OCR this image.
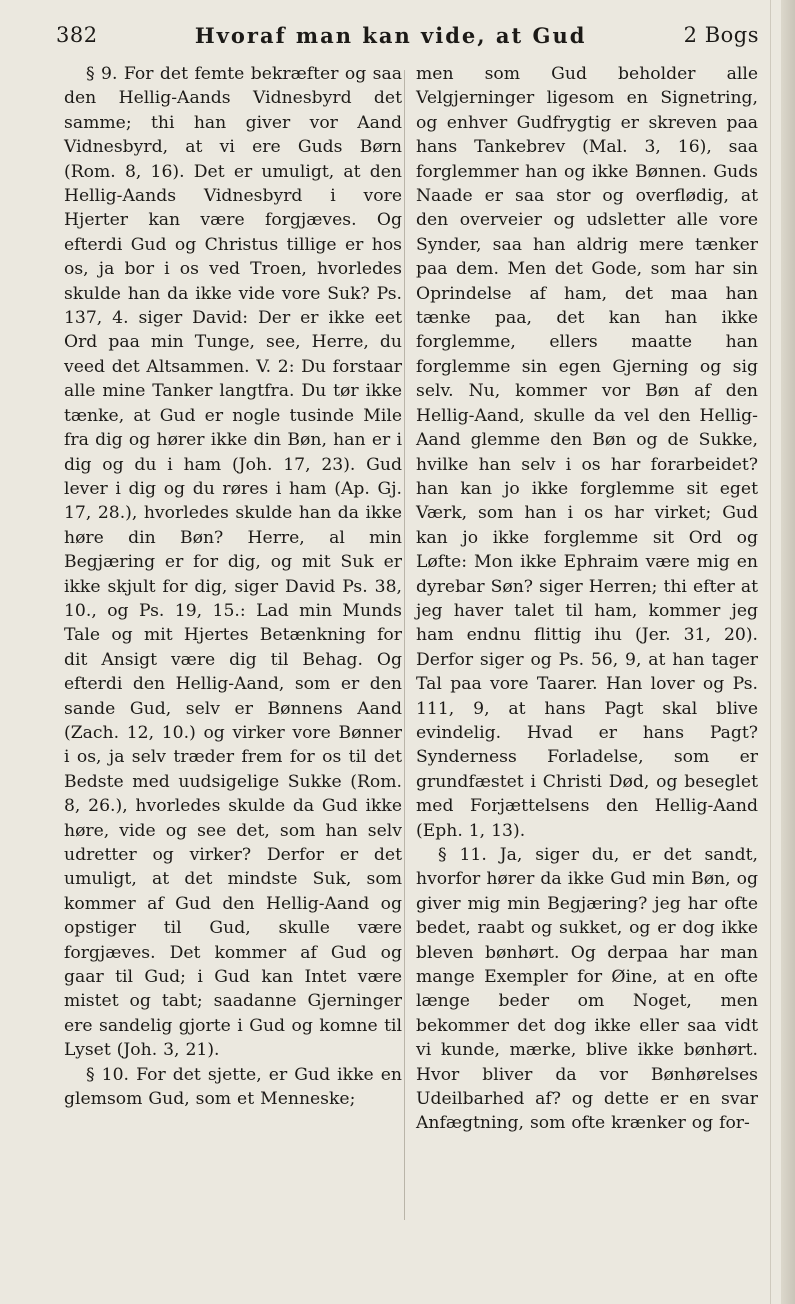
382	Hvoraf man kan vide, at Gud	2 Bogs

§ 9. For det femte bekræfter og saa den Hellig-Aands Vidnesbyrd det samme; thi han giver vor Aand Vidnesbyrd, at vi ere Guds Børn (Rom. 8, 16). Det er umuligt, at den Hellig-Aands Vidnesbyrd i vore Hjerter kan være forgjæves. Og efterdi Gud og Christus tillige er hos os, ja bor i os ved Troen, hvorledes skulde han da ikke vide vore Suk? Ps. 137, 4. siger David: Der er ikke eet Ord paa min Tunge, see, Herre, du veed det Altsammen. V. 2: Du forstaar alle mine Tanker langtfra. Du tør ikke tænke, at Gud er nogle tusinde Mile fra dig og hører ikke din Bøn, han er i dig og du i ham (Joh. 17, 23). Gud lever i dig og du røres i ham (Ap. Gj. 17, 28.), hvorledes skulde han da ikke høre din Bøn? Herre, al min Begjæring er for dig, og mit Suk er ikke skjult for dig, siger David Ps. 38, 10., og Ps. 19, 15.: Lad min Munds Tale og mit Hjertes Betænkning for dit Ansigt være dig til Behag. Og efterdi den Hellig-Aand, som er den sande Gud, selv er Bønnens Aand (Zach. 12, 10.) og virker vore Bønner i os, ja selv træder frem for os til det Bedste med uudsigelige Sukke (Rom. 8, 26.), hvorledes skulde da Gud ikke høre, vide og see det, som han selv udretter og virker? Derfor er det umuligt, at det mindste Suk, som kommer af Gud den Hellig-Aand og opstiger til Gud, skulle være forgjæves. Det kommer af Gud og gaar til Gud; i Gud kan Intet være mistet og tabt; saadanne Gjerninger ere sandelig gjorte i Gud og komne til Lyset (Joh. 3, 21).

§ 10. For det sjette, er Gud ikke en glemsom Gud, som et Menneske;

men som Gud beholder alle Velgjerninger ligesom en Signetring, og enhver Gudfrygtig er skreven paa hans Tankebrev (Mal. 3, 16), saa forglemmer han og ikke Bønnen. Guds Naade er saa stor og overflødig, at den overveier og udsletter alle vore Synder, saa han aldrig mere tænker paa dem. Men det Gode, som har sin Oprindelse af ham, det maa han tænke paa, det kan han ikke forglemme, ellers maatte han forglemme sin egen Gjerning og sig selv. Nu, kommer vor Bøn af den Hellig-Aand, skulle da vel den Hellig-Aand glemme den Bøn og de Sukke, hvilke han selv i os har forarbeidet? han kan jo ikke forglemme sit eget Værk, som han i os har virket; Gud kan jo ikke forglemme sit Ord og Løfte: Mon ikke Ephraim være mig en dyrebar Søn? siger Herren; thi efter at jeg haver talet til ham, kommer jeg ham endnu flittig ihu (Jer. 31, 20). Derfor siger og Ps. 56, 9, at han tager Tal paa vore Taarer. Han lover og Ps. 111, 9, at hans Pagt skal blive evindelig. Hvad er hans Pagt? Synderness Forladelse, som er grundfæstet i Christi Død, og beseglet med Forjættelsens den Hellig-Aand (Eph. 1, 13).

§ 11. Ja, siger du, er det sandt, hvorfor hører da ikke Gud min Bøn, og giver mig min Begjæring? jeg har ofte bedet, raabt og sukket, og er dog ikke bleven bønhørt. Og derpaa har man mange Exempler for Øine, at en ofte længe beder om Noget, men bekommer det dog ikke eller saa vidt vi kunde, mærke, blive ikke bønhørt. Hvor bliver da vor Bønhørelses Udeilbarhed af? og dette er en svar Anfægtning, som ofte krænker og for-
